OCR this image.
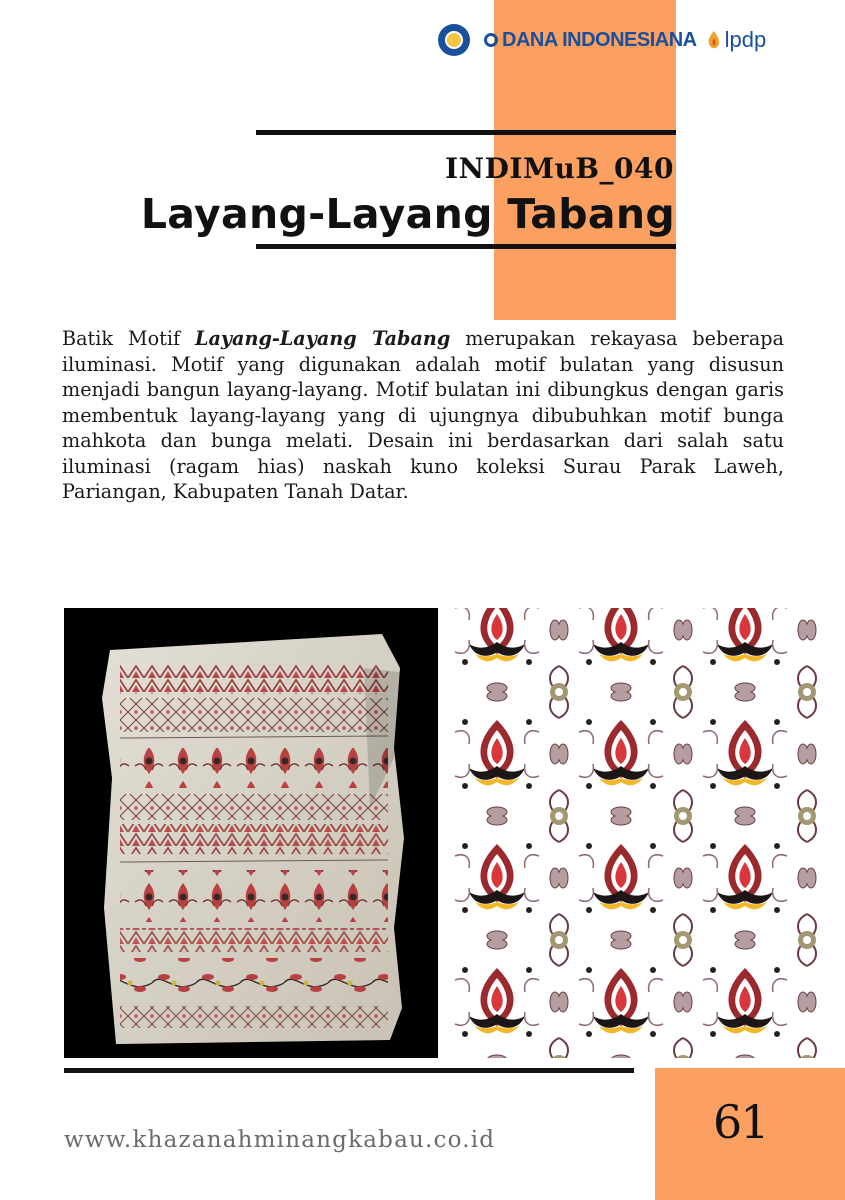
DANA INDONESIANA lpdp
INDIMuB_040
Layang-Layang Tabang
Batik Motif Layang-Layang Tabang merupakan rekayasa beberapa iluminasi. Motif yang digunakan adalah motif bulatan yang disusun menjadi bangun layang-layang. Motif bulatan ini dibungkus dengan garis membentuk layang-layang yang di ujungnya dibubuhkan motif bunga mahkota dan bunga melati. Desain ini berdasarkan dari salah satu iluminasi (ragam hias) naskah kuno koleksi Surau Parak Laweh, Pariangan, Kabupaten Tanah Datar.
www.khazanahminangkabau.co.id	61
